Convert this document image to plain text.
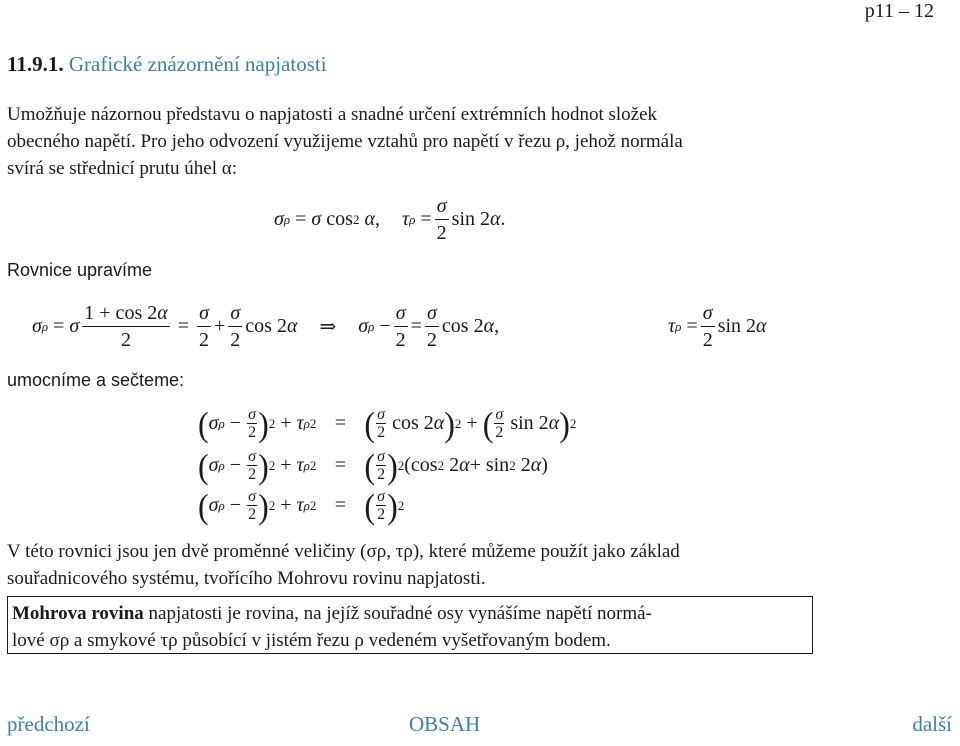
p11 – 12
11.9.1. Grafické znázornění napjatosti
Umožňuje názornou představu o napjatosti a snadné určení extrémních hodnot složek
obecného napětí. Pro jeho odvození využijeme vztahů pro napětí v řezu ρ, jehož normála
svírá se střednicí prutu úhel α:
σ ρ = σ cos 2
α , τ $\rho = \frac{\sigma}{2}$ sin 2 α .
Rovnice upravíme
σ ρ = σ $\frac{1 + \cos 2\alpha}{2} = \frac{\sigma}{2} + \frac{\sigma}{2}$ cos 2 α ⇒ σ $\rho - \frac{\sigma}{2} = \frac{\sigma}{2}$ cos 2 α ,	τ $\rho = \frac{\sigma}{2}$ sin 2 α
umocníme a sečteme:
( σ $\rho - \frac{\sigma}{2}$ ) 2 + τ ρ 2 = ( $\frac{\sigma}{2}$ cos 2 α ) 2 + ( $\frac{\sigma}{2}$ sin 2 α ) 2
( σ $\rho - \frac{\sigma}{2}$ ) 2 + τ ρ 2 = ( $\frac{\sigma}{2}$ ) 2 (cos 2 2 α + sin 2 2 α )
( σ $\rho - \frac{\sigma}{2}$ ) 2 + τ ρ 2 = ( $\frac{\sigma}{2}$ ) 2
V této rovnici jsou jen dvě proměnné veličiny (σρ, τρ), které můžeme použít jako základ
souřadnicového systému, tvořícího Mohrovu rovinu napjatosti.
Mohrova rovina napjatosti je rovina, na jejíž souřadné osy vynášíme napětí normá-
lové σρ a smykové τρ působící v jistém řezu ρ vedeném vyšetřovaným bodem.
předchozí	OBSAH	další
